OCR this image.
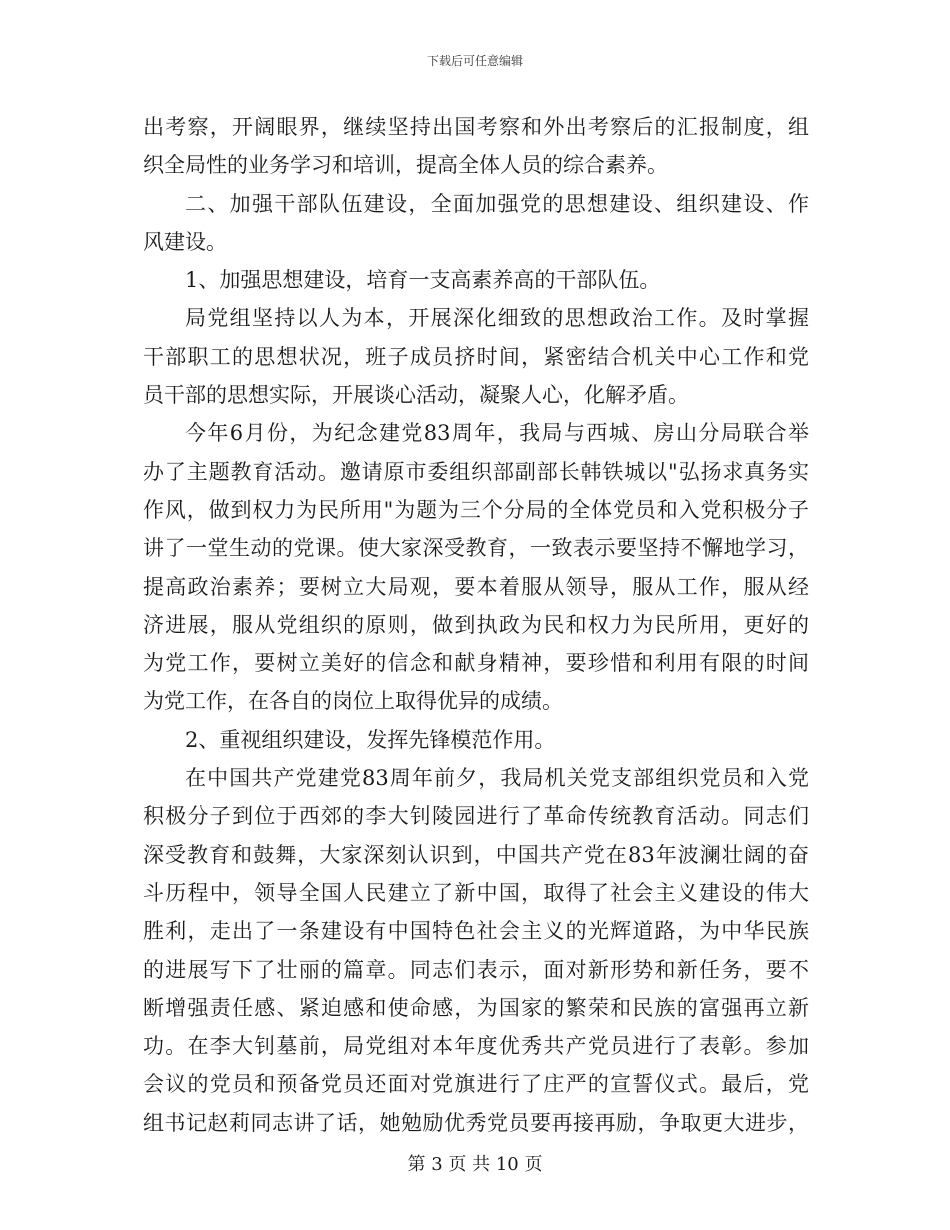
下载后可任意编辑
出考察，开阔眼界，继续坚持出国考察和外出考察后的汇报制度，组
织全局性的业务学习和培训，提高全体人员的综合素养。
二、加强干部队伍建设，全面加强党的思想建设、组织建设、作
风建设。
1、加强思想建设，培育一支高素养高的干部队伍。
局党组坚持以人为本，开展深化细致的思想政治工作。及时掌握
干部职工的思想状况，班子成员挤时间，紧密结合机关中心工作和党
员干部的思想实际，开展谈心活动，凝聚人心，化解矛盾。
今年6月份，为纪念建党83周年，我局与西城、房山分局联合举
办了主题教育活动。邀请原市委组织部副部长韩铁城以"弘扬求真务实
作风，做到权力为民所用"为题为三个分局的全体党员和入党积极分子
讲了一堂生动的党课。使大家深受教育，一致表示要坚持不懈地学习，
提高政治素养；要树立大局观，要本着服从领导，服从工作，服从经
济进展，服从党组织的原则，做到执政为民和权力为民所用，更好的
为党工作，要树立美好的信念和献身精神，要珍惜和利用有限的时间
为党工作，在各自的岗位上取得优异的成绩。
2、重视组织建设，发挥先锋模范作用。
在中国共产党建党83周年前夕，我局机关党支部组织党员和入党
积极分子到位于西郊的李大钊陵园进行了革命传统教育活动。同志们
深受教育和鼓舞，大家深刻认识到，中国共产党在83年波澜壮阔的奋
斗历程中，领导全国人民建立了新中国，取得了社会主义建设的伟大
胜利，走出了一条建设有中国特色社会主义的光辉道路，为中华民族
的进展写下了壮丽的篇章。同志们表示，面对新形势和新任务，要不
断增强责任感、紧迫感和使命感，为国家的繁荣和民族的富强再立新
功。在李大钊墓前，局党组对本年度优秀共产党员进行了表彰。参加
会议的党员和预备党员还面对党旗进行了庄严的宣誓仪式。最后，党
组书记赵莉同志讲了话，她勉励优秀党员要再接再励，争取更大进步，
第 3 页 共 10 页
